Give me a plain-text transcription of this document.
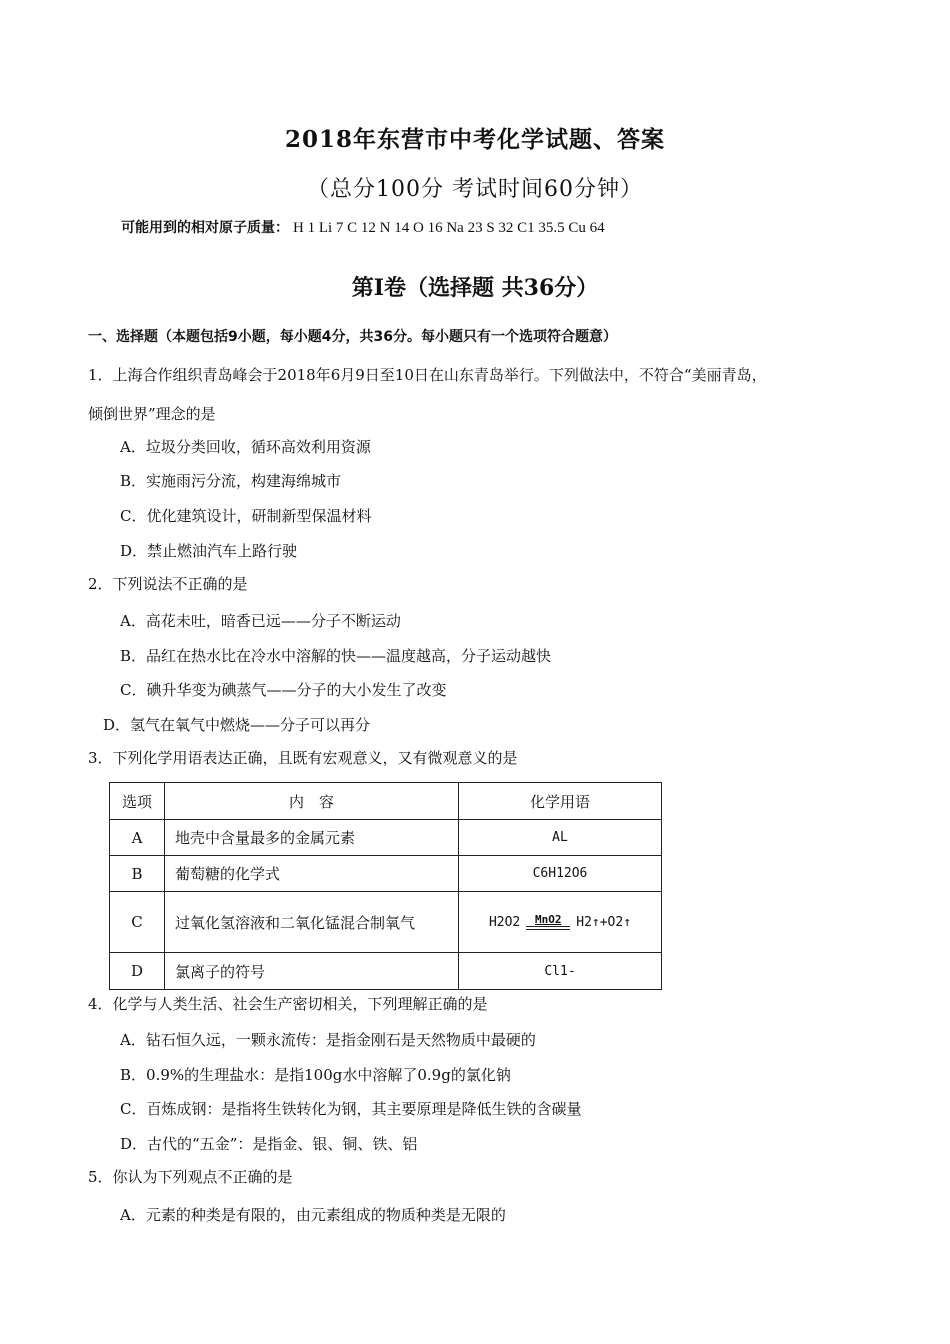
2018年东营市中考化学试题、答案
（总分100分 考试时间60分钟）
可能用到的相对原子质量： H 1 Li 7 C 12 N 14 O 16 Na 23 S 32 C1 35.5 Cu 64
第Ⅰ卷（选择题 共36分）
一、选择题（本题包括9小题，每小题4分，共36分。每小题只有一个选项符合题意）
1．上海合作组织青岛峰会于2018年6月9日至10日在山东青岛举行。下列做法中，不符合“美丽青岛，
倾倒世界”理念的是
A．垃圾分类回收，循环高效利用资源
B．实施雨污分流，构建海绵城市
C．优化建筑设计，研制新型保温材料
D．禁止燃油汽车上路行驶
2．下列说法不正确的是
A．高花未吐，暗香已远——分子不断运动
B．品红在热水比在冷水中溶解的快——温度越高，分子运动越快
C．碘升华变为碘蒸气——分子的大小发生了改变
D．氢气在氧气中燃烧——分子可以再分
3．下列化学用语表达正确，且既有宏观意义，又有微观意义的是
选项	内　容	化学用语
A	地壳中含量最多的金属元素	AL
B	葡萄糖的化学式	C6H12O6
C	过氧化氢溶液和二氧化锰混合制氧气	H2O2 MnO2 H2↑+O2↑

D	氯离子的符号	Cl1-
4．化学与人类生活、社会生产密切相关，下列理解正确的是
A．钻石恒久远，一颗永流传：是指金刚石是天然物质中最硬的
B．0.9%的生理盐水：是指100g水中溶解了0.9g的氯化钠
C．百炼成钢：是指将生铁转化为钢，其主要原理是降低生铁的含碳量
D．古代的“五金”：是指金、银、铜、铁、铝
5．你认为下列观点不正确的是
A．元素的种类是有限的，由元素组成的物质种类是无限的
